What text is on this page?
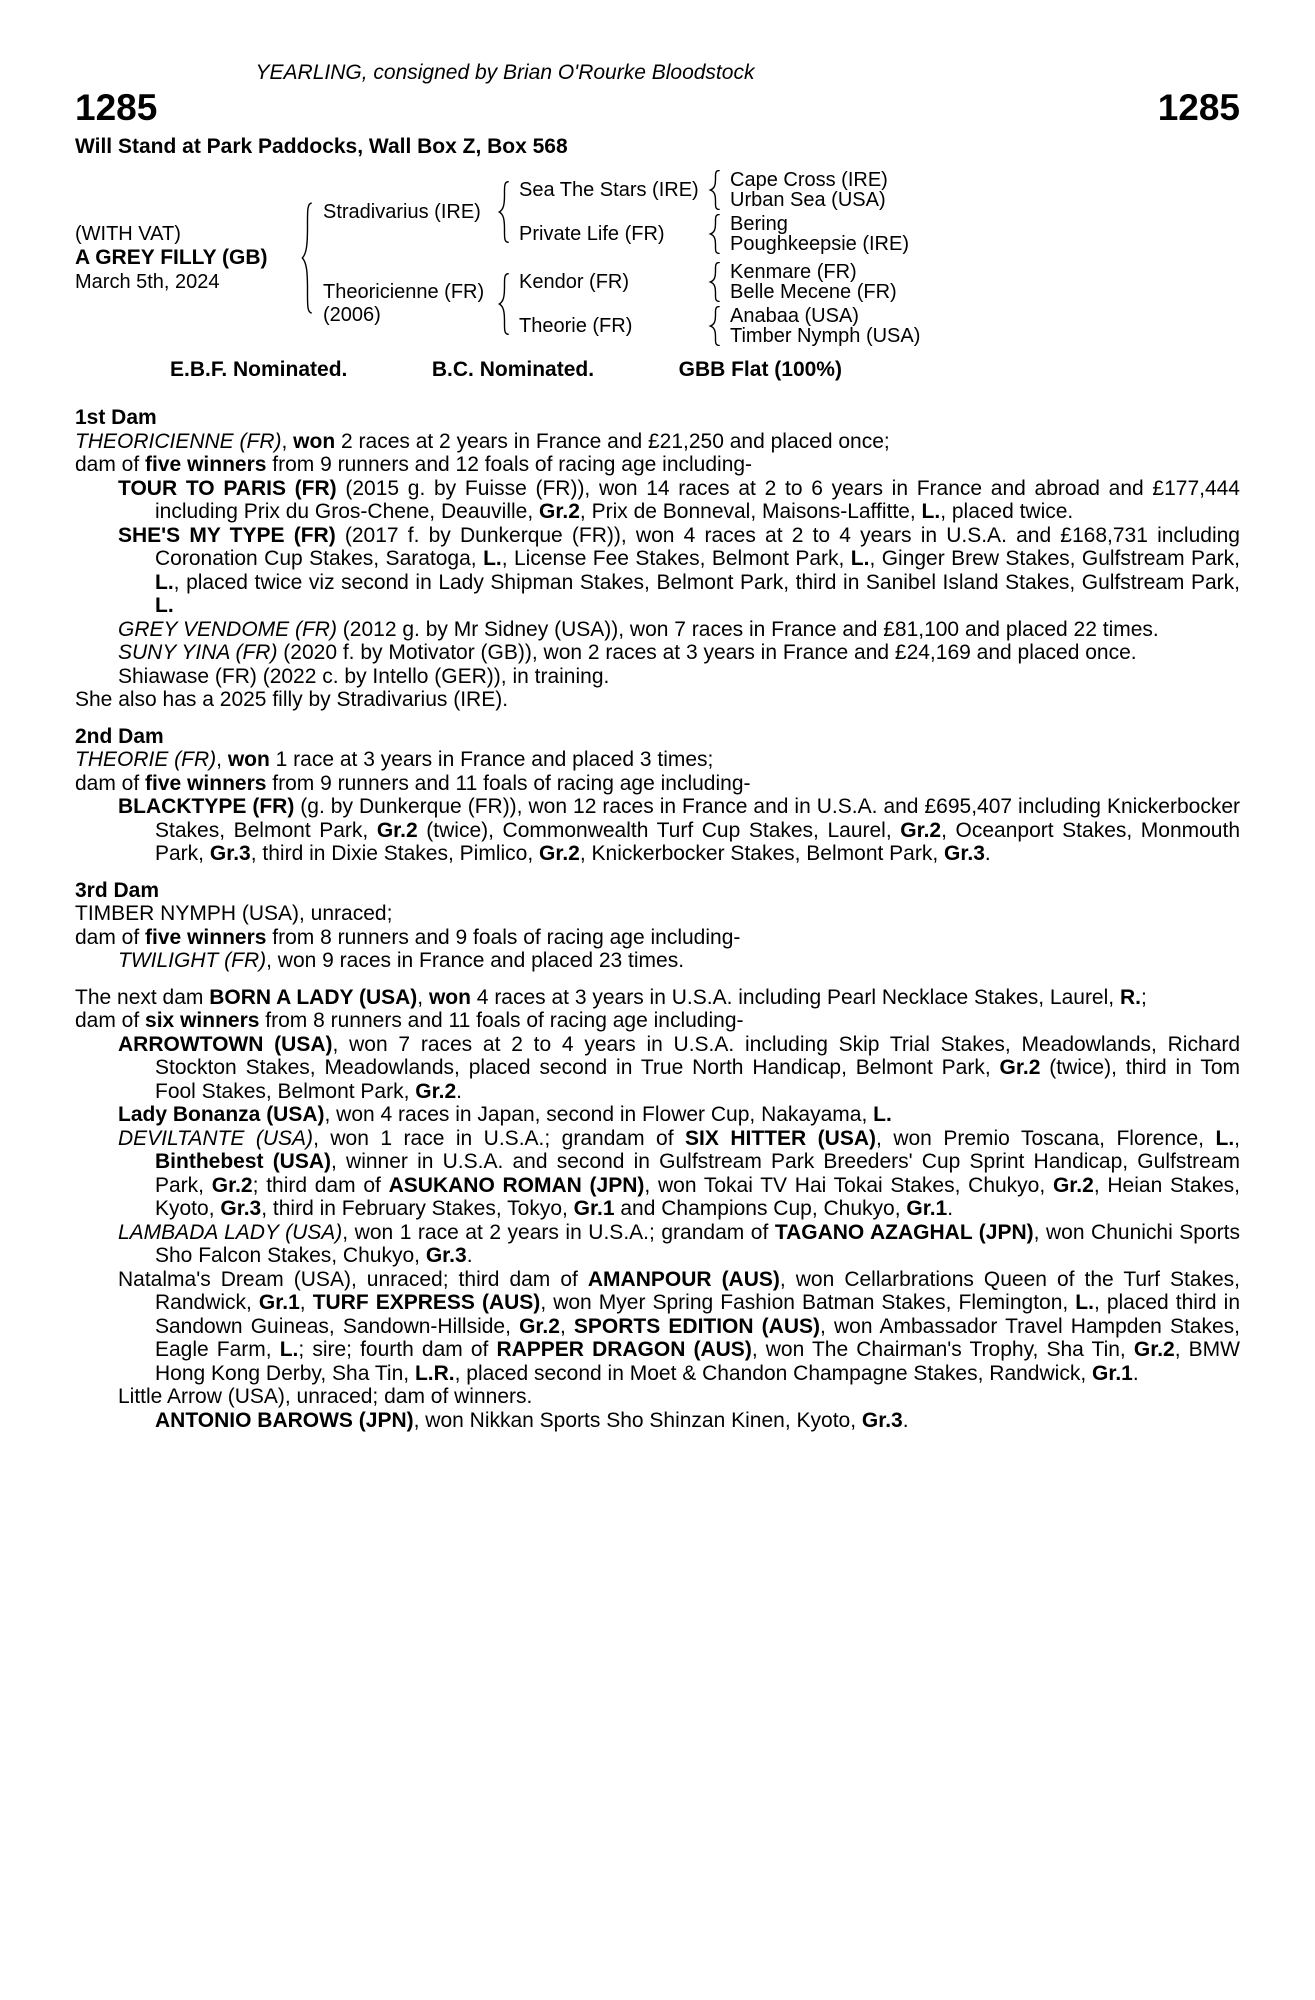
YEARLING, consigned by Brian O'Rourke Bloodstock
1285	1285
Will Stand at Park Paddocks, Wall Box Z, Box 568
(WITH VAT)
A GREY FILLY (GB)
March 5th, 2024
Stradivarius (IRE)
Sea The Stars (IRE)	Cape Cross (IRE)
Urban Sea (USA)
Private Life (FR)	Bering
Poughkeepsie (IRE)
Theoricienne (FR)
(2006)
Kendor (FR)	Kenmare (FR)
Belle Mecene (FR)
Theorie (FR)	Anabaa (USA)
Timber Nymph (USA)
E.B.F. Nominated.	B.C. Nominated.	GBB Flat (100%)
1st Dam
THEORICIENNE (FR), won 2 races at 2 years in France and £21,250 and placed once;
dam of five winners from 9 runners and 12 foals of racing age including-
TOUR TO PARIS (FR) (2015 g. by Fuisse (FR)), won 14 races at 2 to 6 years in France and abroad and £177,444 including Prix du Gros-Chene, Deauville, Gr.2, Prix de Bonneval, Maisons-Laffitte, L., placed twice.
SHE'S MY TYPE (FR) (2017 f. by Dunkerque (FR)), won 4 races at 2 to 4 years in U.S.A. and £168,731 including Coronation Cup Stakes, Saratoga, L., License Fee Stakes, Belmont Park, L., Ginger Brew Stakes, Gulfstream Park, L., placed twice viz second in Lady Shipman Stakes, Belmont Park, third in Sanibel Island Stakes, Gulfstream Park, L.
GREY VENDOME (FR) (2012 g. by Mr Sidney (USA)), won 7 races in France and £81,100 and placed 22 times.
SUNY YINA (FR) (2020 f. by Motivator (GB)), won 2 races at 3 years in France and £24,169 and placed once.
Shiawase (FR) (2022 c. by Intello (GER)), in training.
She also has a 2025 filly by Stradivarius (IRE).
2nd Dam
THEORIE (FR), won 1 race at 3 years in France and placed 3 times;
dam of five winners from 9 runners and 11 foals of racing age including-
BLACKTYPE (FR) (g. by Dunkerque (FR)), won 12 races in France and in U.S.A. and £695,407 including Knickerbocker Stakes, Belmont Park, Gr.2 (twice), Commonwealth Turf Cup Stakes, Laurel, Gr.2, Oceanport Stakes, Monmouth Park, Gr.3, third in Dixie Stakes, Pimlico, Gr.2, Knickerbocker Stakes, Belmont Park, Gr.3.
3rd Dam
TIMBER NYMPH (USA), unraced;
dam of five winners from 8 runners and 9 foals of racing age including-
TWILIGHT (FR), won 9 races in France and placed 23 times.
The next dam BORN A LADY (USA), won 4 races at 3 years in U.S.A. including Pearl Necklace Stakes, Laurel, R.;
dam of six winners from 8 runners and 11 foals of racing age including-
ARROWTOWN (USA), won 7 races at 2 to 4 years in U.S.A. including Skip Trial Stakes, Meadowlands, Richard Stockton Stakes, Meadowlands, placed second in True North Handicap, Belmont Park, Gr.2 (twice), third in Tom Fool Stakes, Belmont Park, Gr.2.
Lady Bonanza (USA), won 4 races in Japan, second in Flower Cup, Nakayama, L.
DEVILTANTE (USA), won 1 race in U.S.A.; grandam of SIX HITTER (USA), won Premio Toscana, Florence, L., Binthebest (USA), winner in U.S.A. and second in Gulfstream Park Breeders' Cup Sprint Handicap, Gulfstream Park, Gr.2; third dam of ASUKANO ROMAN (JPN), won Tokai TV Hai Tokai Stakes, Chukyo, Gr.2, Heian Stakes, Kyoto, Gr.3, third in February Stakes, Tokyo, Gr.1 and Champions Cup, Chukyo, Gr.1.
LAMBADA LADY (USA), won 1 race at 2 years in U.S.A.; grandam of TAGANO AZAGHAL (JPN), won Chunichi Sports Sho Falcon Stakes, Chukyo, Gr.3.
Natalma's Dream (USA), unraced; third dam of AMANPOUR (AUS), won Cellarbrations Queen of the Turf Stakes, Randwick, Gr.1, TURF EXPRESS (AUS), won Myer Spring Fashion Batman Stakes, Flemington, L., placed third in Sandown Guineas, Sandown-Hillside, Gr.2, SPORTS EDITION (AUS), won Ambassador Travel Hampden Stakes, Eagle Farm, L.; sire; fourth dam of RAPPER DRAGON (AUS), won The Chairman's Trophy, Sha Tin, Gr.2, BMW Hong Kong Derby, Sha Tin, L.R., placed second in Moet & Chandon Champagne Stakes, Randwick, Gr.1.
Little Arrow (USA), unraced; dam of winners.
ANTONIO BAROWS (JPN), won Nikkan Sports Sho Shinzan Kinen, Kyoto, Gr.3.
